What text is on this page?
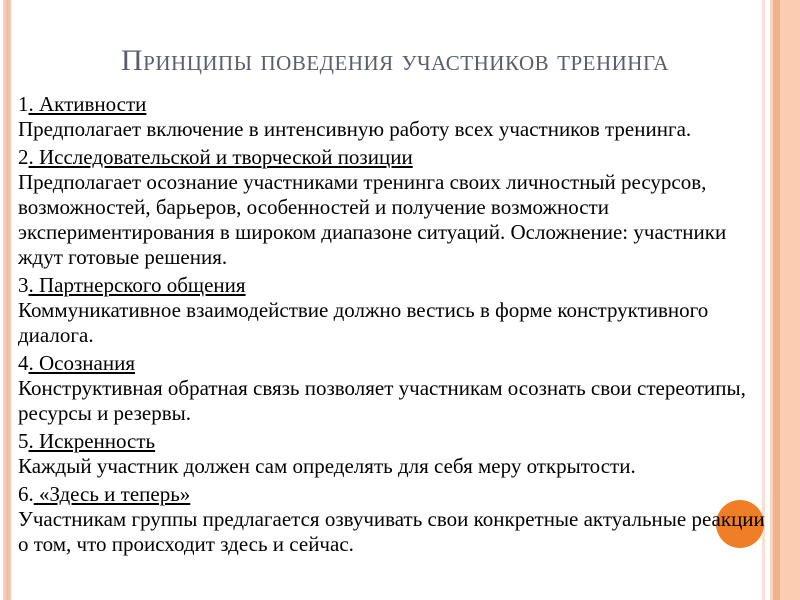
Принципы поведения участников тренинга

1. Активности

Предполагает включение в интенсивную работу всех участников тренинга.

2. Исследовательской и творческой позиции

Предполагает осознание участниками тренинга своих личностный ресурсов, возможностей, барьеров, особенностей и получение возможности экспериментирования в широком диапазоне ситуаций. Осложнение: участники ждут готовые решения.

3. Партнерского общения

Коммуникативное взаимодействие должно вестись в форме конструктивного диалога.

4. Осознания

Конструктивная обратная связь позволяет участникам осознать свои стереотипы, ресурсы и резервы.

5. Искренность

Каждый участник должен сам определять для себя меру открытости.

6. «Здесь и теперь»

Участникам группы предлагается озвучивать свои конкретные актуальные реакции о том, что происходит здесь и сейчас.
